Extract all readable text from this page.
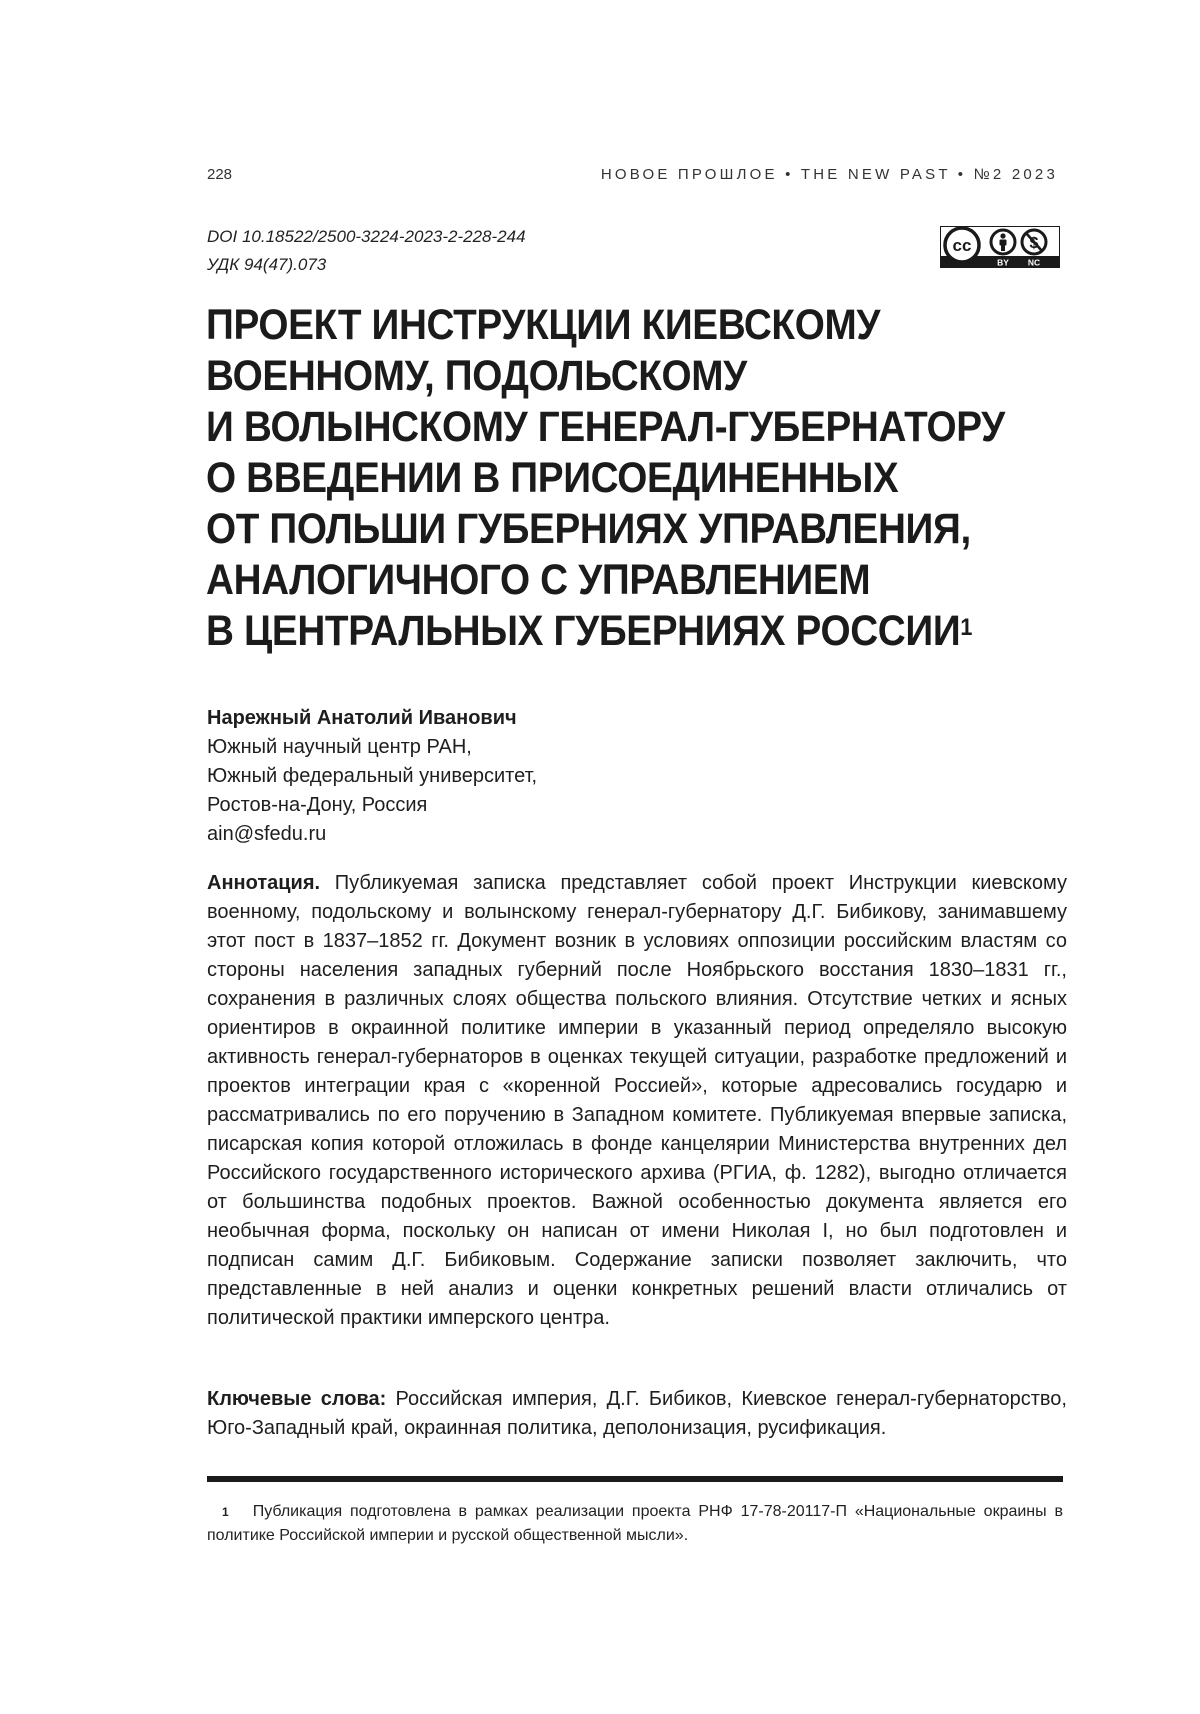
228	НОВОЕ ПРОШЛОЕ • THE NEW PAST • №2 2023
DOI 10.18522/2500-3224-2023-2-228-244
УДК 94(47).073
cc
BY NC
ПРОЕКТ ИНСТРУКЦИИ КИЕВСКОМУ
ВОЕННОМУ, ПОДОЛЬСКОМУ
И ВОЛЫНСКОМУ ГЕНЕРАЛ-ГУБЕРНАТОРУ
О ВВЕДЕНИИ В ПРИСОЕДИНЕННЫХ
ОТ ПОЛЬШИ ГУБЕРНИЯХ УПРАВЛЕНИЯ,
АНАЛОГИЧНОГО С УПРАВЛЕНИЕМ
В ЦЕНТРАЛЬНЫХ ГУБЕРНИЯХ РОССИИ1
Нарежный Анатолий Иванович
Южный научный центр РАН,
Южный федеральный университет,
Ростов-на-Дону, Россия
ain@sfedu.ru

Аннотация. Публикуемая записка представляет собой проект Инструкции киевскому военному, подольскому и волынскому генерал-губернатору Д.Г. Бибикову, занимавшему этот пост в 1837–1852 гг. Документ возник в условиях оппозиции российским властям со стороны населения западных губерний после Ноябрьского восстания 1830–1831 гг., сохранения в различных слоях общества польского влияния. Отсутствие четких и ясных ориентиров в окраинной политике империи в указанный период определяло высокую активность генерал-губернаторов в оценках текущей ситуации, разработке предложений и проектов интеграции края с «коренной Россией», которые адресовались государю и рассматривались по его поручению в Западном комитете. Публикуемая впервые записка, писарская копия которой отложилась в фонде канцелярии Министерства внутренних дел Российского государственного исторического архива (РГИА, ф. 1282), выгодно отличается от большинства подобных проектов. Важной особенностью документа является его необычная форма, поскольку он написан от имени Николая I, но был подготовлен и подписан самим Д.Г. Бибиковым. Содержание записки позволяет заключить, что представленные в ней анализ и оценки конкретных решений власти отличались от политической практики имперского центра.

Ключевые слова: Российская империя, Д.Г. Бибиков, Киевское генерал-губернаторство, Юго-Западный край, окраинная политика, деполонизация, русификация.

1 Публикация подготовлена в рамках реализации проекта РНФ 17-78-20117-П «Национальные окраины в политике Российской империи и русской общественной мысли».
